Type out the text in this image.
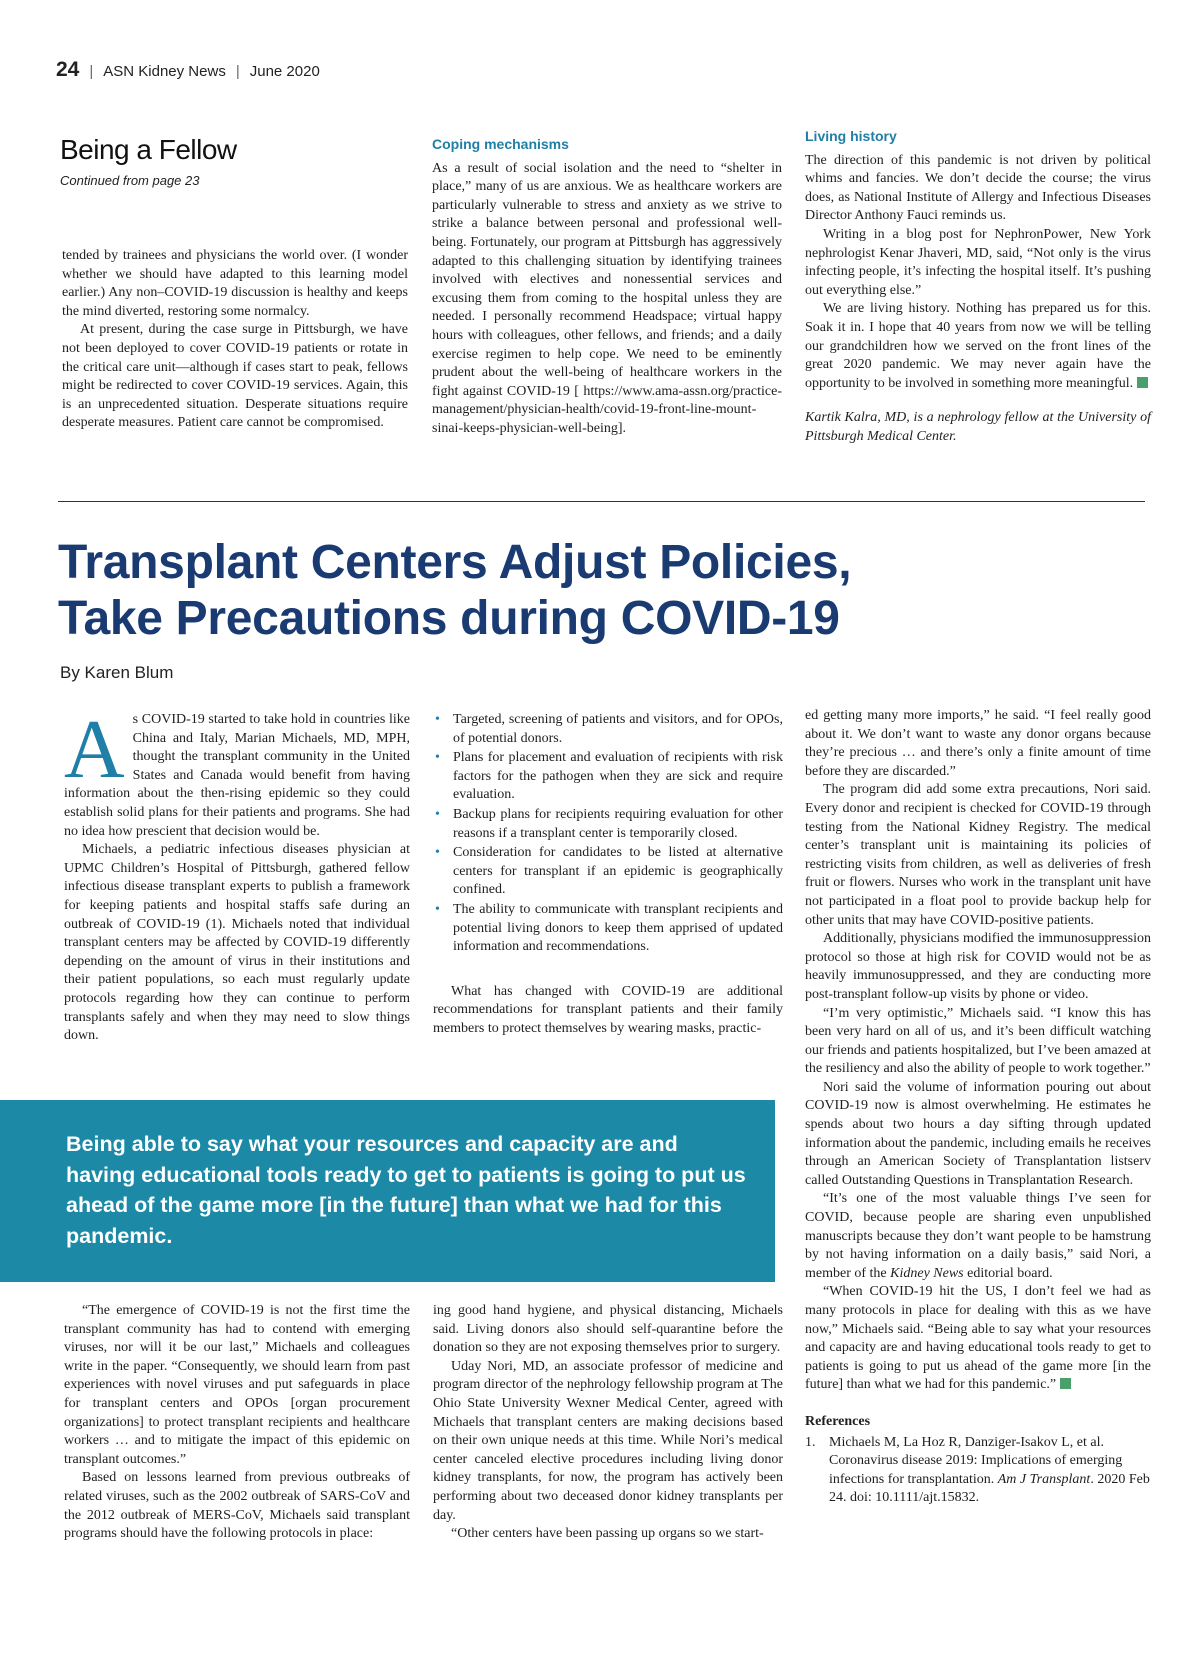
24 | ASN Kidney News | June 2020
Being a Fellow
Continued from page 23

tended by trainees and physicians the world over. (I wonder whether we should have adapted to this learning model earlier.) Any non–COVID-19 discussion is healthy and keeps the mind diverted, restoring some normalcy.

At present, during the case surge in Pittsburgh, we have not been deployed to cover COVID-19 patients or rotate in the critical care unit—although if cases start to peak, fellows might be redirected to cover COVID-19 services. Again, this is an unprecedented situation. Desperate situations require desperate measures. Patient care cannot be compromised.

Coping mechanisms

As a result of social isolation and the need to “shelter in place,” many of us are anxious. We as healthcare workers are particularly vulnerable to stress and anxiety as we strive to strike a balance between personal and professional well-being. Fortunately, our program at Pittsburgh has aggressively adapted to this challenging situation by identifying trainees involved with electives and nonessential services and excusing them from coming to the hospital unless they are needed. I personally recommend Headspace; virtual happy hours with colleagues, other fellows, and friends; and a daily exercise regimen to help cope. We need to be eminently prudent about the well-being of healthcare workers in the fight against COVID-19 [ https://www.ama-assn.org/practice-management/physician-health/covid-19-front-line-mount-sinai-keeps-physician-well-being].

Living history

The direction of this pandemic is not driven by political whims and fancies. We don’t decide the course; the virus does, as National Institute of Allergy and Infectious Diseases Director Anthony Fauci reminds us.

Writing in a blog post for NephronPower, New York nephrologist Kenar Jhaveri, MD, said, “Not only is the virus infecting people, it’s infecting the hospital itself. It’s pushing out everything else.”

We are living history. Nothing has prepared us for this. Soak it in. I hope that 40 years from now we will be telling our grandchildren how we served on the front lines of the great 2020 pandemic. We may never again have the opportunity to be involved in something more meaningful.

Kartik Kalra, MD, is a nephrology fellow at the University of Pittsburgh Medical Center.

Transplant Centers Adjust Policies,
Take Precautions during COVID-19
By Karen Blum

As COVID-19 started to take hold in countries like China and Italy, Marian Michaels, MD, MPH, thought the transplant community in the United States and Canada would benefit from having information about the then-rising epidemic so they could establish solid plans for their patients and programs. She had no idea how prescient that decision would be.

Michaels, a pediatric infectious diseases physician at UPMC Children’s Hospital of Pittsburgh, gathered fellow infectious disease transplant experts to publish a framework for keeping patients and hospital staffs safe during an outbreak of COVID-19 (1). Michaels noted that individual transplant centers may be affected by COVID-19 differently depending on the amount of virus in their institutions and their patient populations, so each must regularly update protocols regarding how they can continue to perform transplants safely and when they may need to slow things down.

• Targeted, screening of patients and visitors, and for OPOs, of potential donors.
• Plans for placement and evaluation of recipients with risk factors for the pathogen when they are sick and require evaluation.
• Backup plans for recipients requiring evaluation for other reasons if a transplant center is temporarily closed.
• Consideration for candidates to be listed at alternative centers for transplant if an epidemic is geographically confined.
• The ability to communicate with transplant recipients and potential living donors to keep them apprised of updated information and recommendations.

What has changed with COVID-19 are additional recommendations for transplant patients and their family members to protect themselves by wearing masks, practic-

ed getting many more imports,” he said. “I feel really good about it. We don’t want to waste any donor organs because they’re precious … and there’s only a finite amount of time before they are discarded.”

The program did add some extra precautions, Nori said. Every donor and recipient is checked for COVID-19 through testing from the National Kidney Registry. The medical center’s transplant unit is maintaining its policies of restricting visits from children, as well as deliveries of fresh fruit or flowers. Nurses who work in the transplant unit have not participated in a float pool to provide backup help for other units that may have COVID-positive patients.

Additionally, physicians modified the immunosuppression protocol so those at high risk for COVID would not be as heavily immunosuppressed, and they are conducting more post-transplant follow-up visits by phone or video.

“I’m very optimistic,” Michaels said. “I know this has been very hard on all of us, and it’s been difficult watching our friends and patients hospitalized, but I’ve been amazed at the resiliency and also the ability of people to work together.”

Nori said the volume of information pouring out about COVID-19 now is almost overwhelming. He estimates he spends about two hours a day sifting through updated information about the pandemic, including emails he receives through an American Society of Transplantation listserv called Outstanding Questions in Transplantation Research.

“It’s one of the most valuable things I’ve seen for COVID, because people are sharing even unpublished manuscripts because they don’t want people to be hamstrung by not having information on a daily basis,” said Nori, a member of the Kidney News editorial board.

“When COVID-19 hit the US, I don’t feel we had as many protocols in place for dealing with this as we have now,” Michaels said. “Being able to say what your resources and capacity are and having educational tools ready to get to patients is going to put us ahead of the game more [in the future] than what we had for this pandemic.”

References
1. Michaels M, La Hoz R, Danziger-Isakov L, et al. Coronavirus disease 2019: Implications of emerging infections for transplantation. Am J Transplant. 2020 Feb 24. doi: 10.1111/ajt.15832.
Being able to say what your resources and capacity are and having educational tools ready to get to patients is going to put us ahead of the game more [in the future] than what we had for this pandemic.

“The emergence of COVID-19 is not the first time the transplant community has had to contend with emerging viruses, nor will it be our last,” Michaels and colleagues write in the paper. “Consequently, we should learn from past experiences with novel viruses and put safeguards in place for transplant centers and OPOs [organ procurement organizations] to protect transplant recipients and healthcare workers … and to mitigate the impact of this epidemic on transplant outcomes.”

Based on lessons learned from previous outbreaks of related viruses, such as the 2002 outbreak of SARS-CoV and the 2012 outbreak of MERS-CoV, Michaels said transplant programs should have the following protocols in place:

ing good hand hygiene, and physical distancing, Michaels said. Living donors also should self-quarantine before the donation so they are not exposing themselves prior to surgery.

Uday Nori, MD, an associate professor of medicine and program director of the nephrology fellowship program at The Ohio State University Wexner Medical Center, agreed with Michaels that transplant centers are making decisions based on their own unique needs at this time. While Nori’s medical center canceled elective procedures including living donor kidney transplants, for now, the program has actively been performing about two deceased donor kidney transplants per day.

“Other centers have been passing up organs so we start-
